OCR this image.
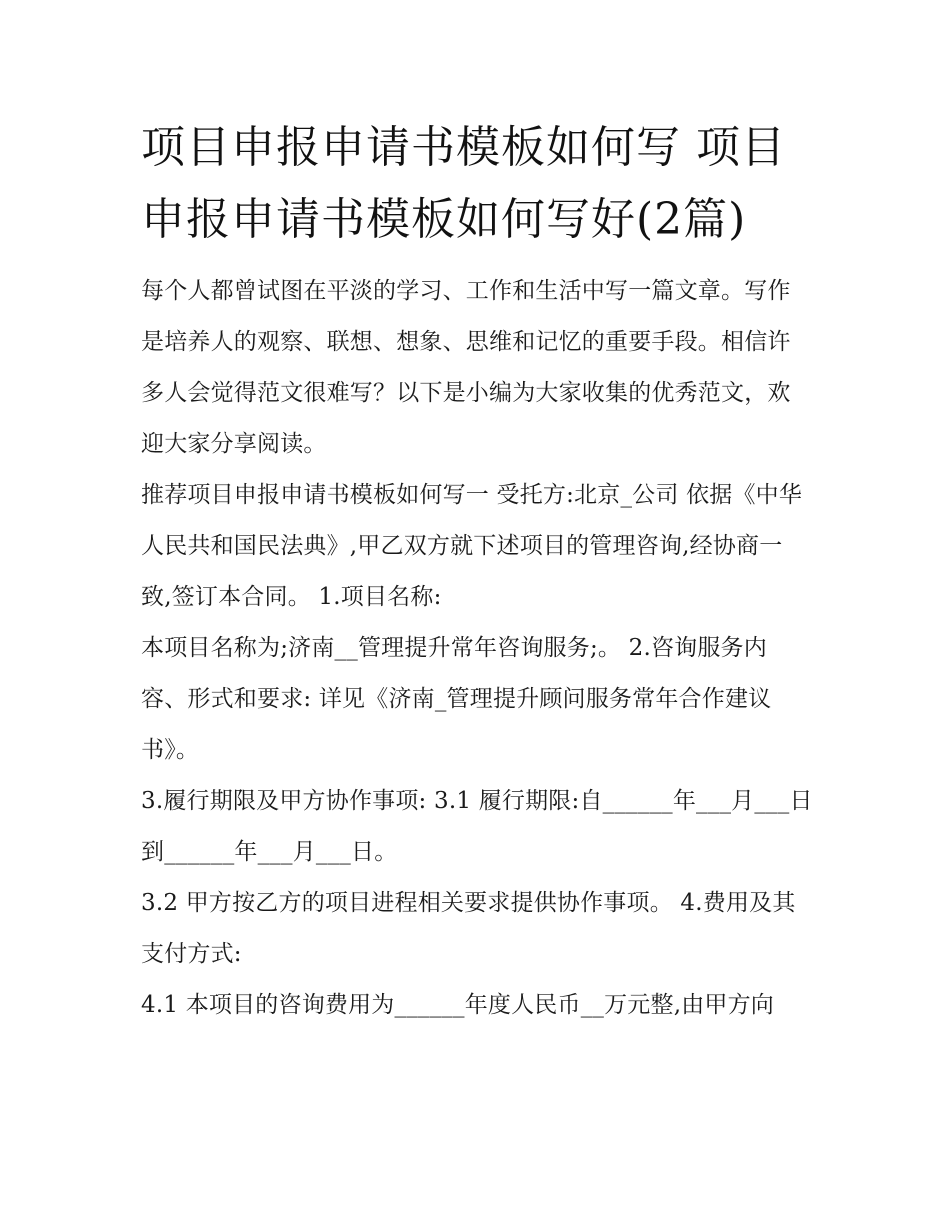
项目申报申请书模板如何写 项目申报申请书模板如何写好(2篇)

每个人都曾试图在平淡的学习、工作和生活中写一篇文章。写作是培养人的观察、联想、想象、思维和记忆的重要手段。相信许多人会觉得范文很难写？以下是小编为大家收集的优秀范文，欢迎大家分享阅读。

推荐项目申报申请书模板如何写一 受托方:北京_公司 依据《中华人民共和国民法典》,甲乙双方就下述项目的管理咨询,经协商一致,签订本合同。 1.项目名称:

本项目名称为;济南__管理提升常年咨询服务;。 2.咨询服务内容、形式和要求: 详见《济南_管理提升顾问服务常年合作建议书》。

3.履行期限及甲方协作事项: 3.1 履行期限:自______年___月___日到______年___月___日。

3.2 甲方按乙方的项目进程相关要求提供协作事项。 4.费用及其支付方式:

4.1 本项目的咨询费用为______年度人民币__万元整,由甲方向
